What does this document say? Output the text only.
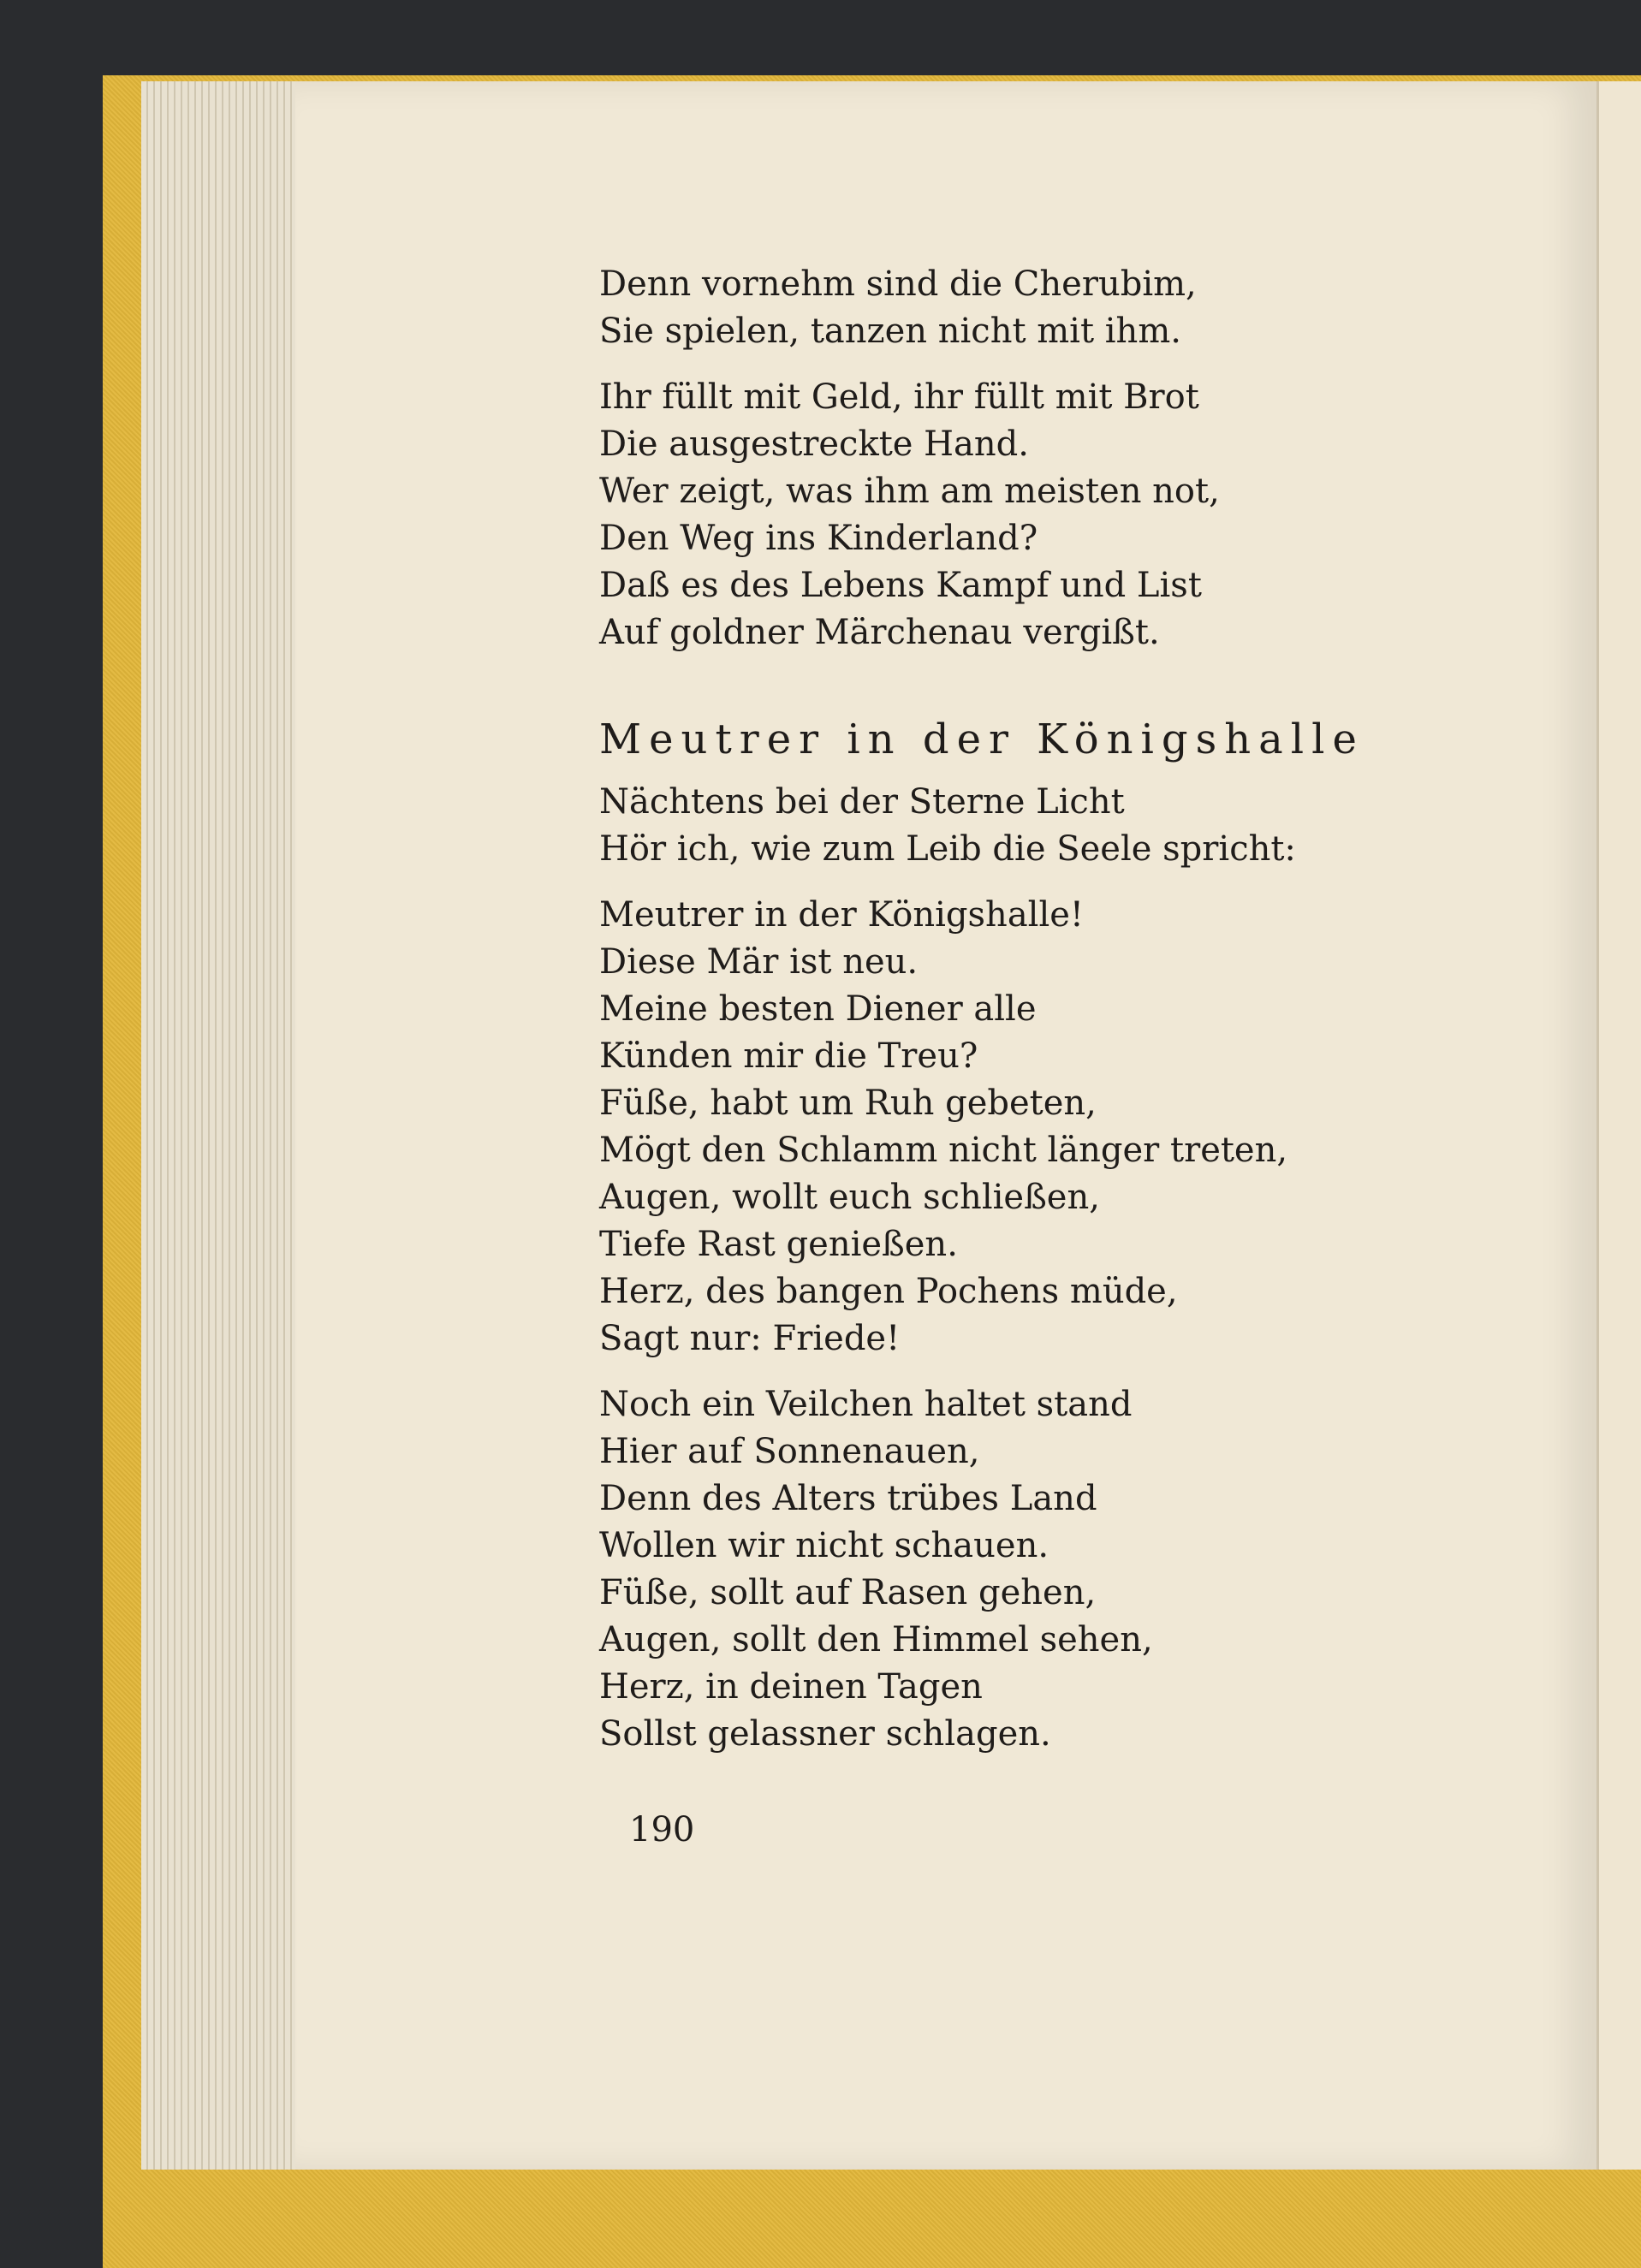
Denn vornehm sind die Cherubim,
Sie spielen, tanzen nicht mit ihm.
Ihr füllt mit Geld, ihr füllt mit Brot
Die ausgestreckte Hand.
Wer zeigt, was ihm am meisten not,
Den Weg ins Kinderland?
Daß es des Lebens Kampf und List
Auf goldner Märchenau vergißt.
Meutrer in der Königshalle
Nächtens bei der Sterne Licht
Hör ich, wie zum Leib die Seele spricht:
Meutrer in der Königshalle!
Diese Mär ist neu.
Meine besten Diener alle
Künden mir die Treu?
Füße, habt um Ruh gebeten,
Mögt den Schlamm nicht länger treten,
Augen, wollt euch schließen,
Tiefe Rast genießen.
Herz, des bangen Pochens müde,
Sagt nur: Friede!
Noch ein Veilchen haltet stand
Hier auf Sonnenauen,
Denn des Alters trübes Land
Wollen wir nicht schauen.
Füße, sollt auf Rasen gehen,
Augen, sollt den Himmel sehen,
Herz, in deinen Tagen
Sollst gelassner schlagen.
190
